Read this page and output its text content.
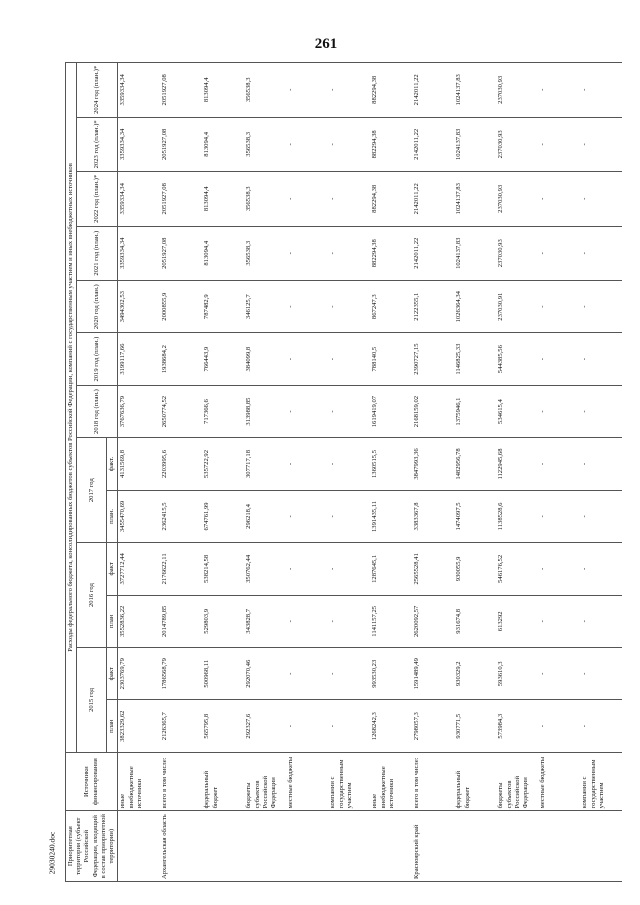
261
Приоритетная территория (субъект Российской Федерации, входящий в состав приоритетной территории)	Источники финансирования	Расходы федерального бюджета, консолидированных бюджетов субъектов Российской Федерации, компаний с государственным участием и иных внебюджетных источников												
		2015 год		2016 год		2017 год		2018 год (план.)	2019 год (план.)	2020 год (план.)	2021 год (план.)	2022 год (план.)*	2023 год (план.)*	2024 год (план.)*
		план	факт	план	факт	план.	факт.							
	иные внебюджетные источники	3823329,62	2303769,79	3552836,22	3727712,44	3455470,69	4131569,8	3767636,79	3199117,66	3494302,53	3359334,34	3359334,34	3359334,34	3359334,34
Архангельская область	всего в том числе:	2126365,7	1786568,79	2014789,85	2176622,11	2362415,5	2203995,6	2650774,52	1938684,2	2000855,9	2051927,08	2051927,08	2051927,08	2051927,08
	федеральный бюджет	565795,8	500968,11	529803,9	538214,58	674761,99	535722,92	717366,6	766443,9	787482,9	813094,4	813094,4	813094,4	813094,4
	бюджеты субъектов Российской Федерации	292327,6	292070,46	343828,7	350762,44	296218,4	307717,18	313988,85	384099,8	346125,7	356538,3	356538,3	356538,3	356538,3
	местные бюджеты	-	-	-	-	-	-	-	-	-	-	-	-	-
	компании с государственным участием	-	-	-	-	-	-	-	-	-	-	-	-	-
	иные внебюджетные источники	1268242,3	993530,23	1141157,25	1287645,1	1391435,11	1360515,5	1619419,07	788140,5	867247,3	882294,38	882294,38	882294,38	882294,38
Красноярский край	всего в том числе:	2798057,3	1591489,49	2620092,57	2565528,41	3383367,8	3847993,36	2168159,02	2390727,15	2122355,1	2142011,22	2142011,22	2142011,22	2142011,22
	федеральный бюджет	930771,5	930329,2	931674,8	930055,9	1474097,5	1482956,78	1375946,1	1146825,33	1026364,34	1024137,83	1024137,83	1024137,83	1024137,83
	бюджеты субъектов Российской Федерации	573984,3	593610,3	613292	546176,52	1138528,6	1122945,68	534615,4	544385,56	237030,91	237030,93	237030,93	237030,93	237030,93
	местные бюджеты	-	-	-	-	-	-	-	-	-	-	-	-	-
	компании с государственным участием	-	-	-	-	-	-	-	-	-	-	-	-	-
29030240.doc
